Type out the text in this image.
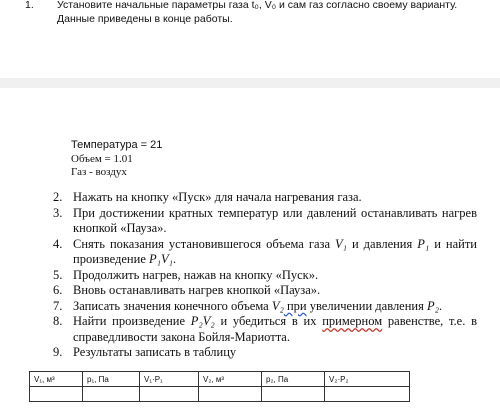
1. Установите начальные параметры газа t₀, V₀ и сам газ согласно своему варианту. Данные приведены в конце работы.
Температура = 21
Объем = 1.01
Газ - воздух
2. Нажать на кнопку «Пуск» для начала нагревания газа.
3. При достижении кратных температур или давлений останавливать нагрев кнопкой «Пауза».
4. Снять показания установившегося объема газа V₁ и давления P₁ и найти произведение P₁V₁.
5. Продолжить нагрев, нажав на кнопку «Пуск».
6. Вновь останавливать нагрев кнопкой «Пауза».
7. Записать значения конечного объема V₂ при увеличении давления P₂.
8. Найти произведение P₂V₂ и убедиться в их примерном равенстве, т.е. в справедливости закона Бойля-Мариотта.
9. Результаты записать в таблицу
V₁, м³	p₁, Па	V₁·P₁	V₂, м³	p₂, Па	V₂·P₂
